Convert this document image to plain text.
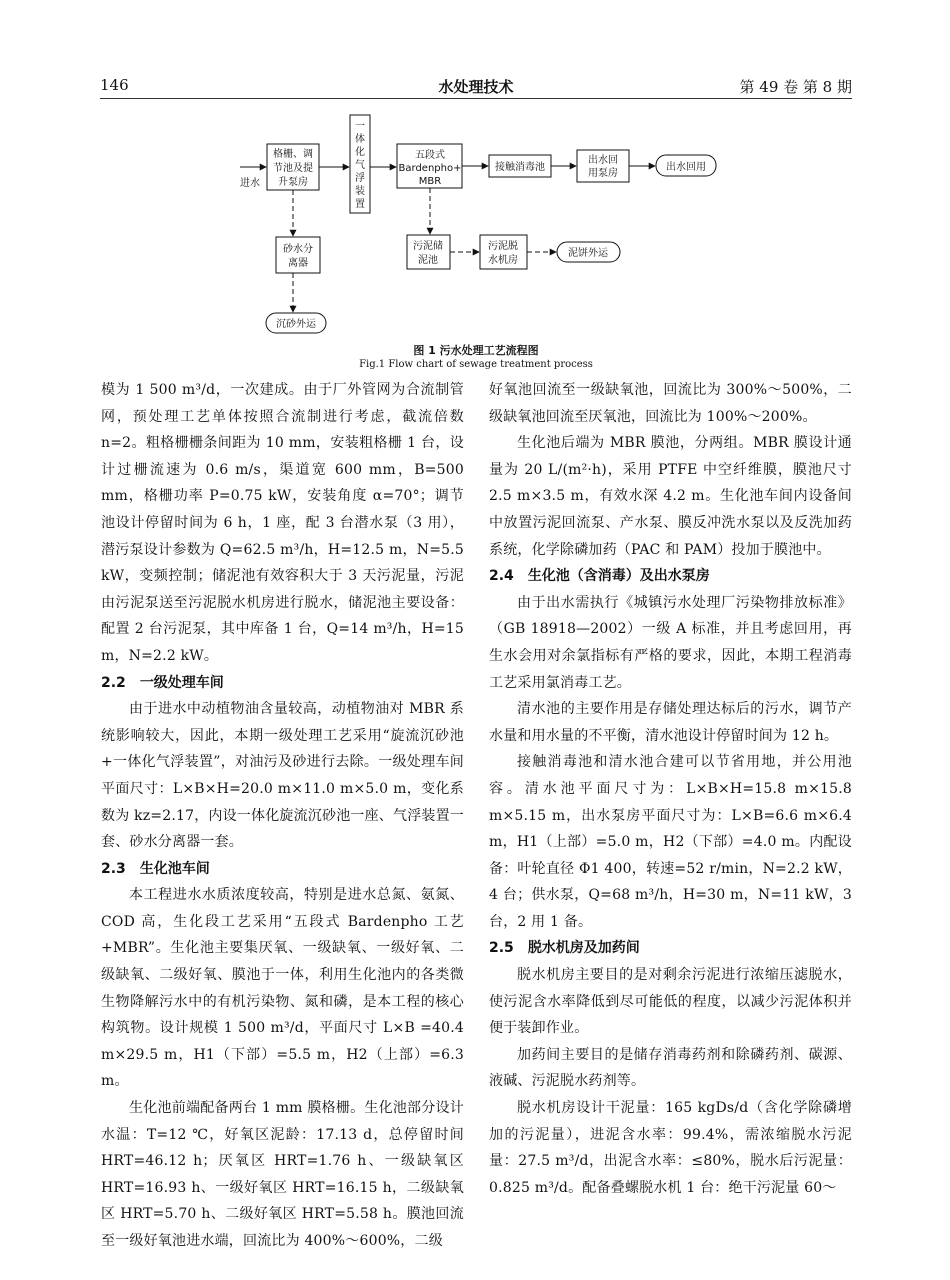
146	水处理技术	第 49 卷 第 8 期
进水
格栅、调
节池及提
升泵房
一
体
化
气
浮
装
置
五段式
Bardenpho+
MBR
接触消毒池
出水回
用泵房
出水回用
砂水分
离器
沉砂外运
污泥储
泥池
污泥脱
水机房
泥饼外运
图 1 污水处理工艺流程图
Fig.1 Flow chart of sewage treatment process

模为 1 500 m³/d，一次建成。由于厂外管网为合流制管网，预处理工艺单体按照合流制进行考虑，截流倍数n=2。粗格栅栅条间距为 10 mm，安装粗格栅 1 台，设计过栅流速为 0.6 m/s，渠道宽 600 mm，B=500 mm，格栅功率 P=0.75 kW，安装角度 α=70°；调节池设计停留时间为 6 h，1 座，配 3 台潜水泵（3 用），潜污泵设计参数为 Q=62.5 m³/h，H=12.5 m，N=5.5 kW，变频控制；储泥池有效容积大于 3 天污泥量，污泥由污泥泵送至污泥脱水机房进行脱水，储泥池主要设备：配置 2 台污泥泵，其中库备 1 台，Q=14 m³/h，H=15 m，N=2.2 kW。

2.2 一级处理车间

由于进水中动植物油含量较高，动植物油对 MBR 系统影响较大，因此，本期一级处理工艺采用“旋流沉砂池+一体化气浮装置”，对油污及砂进行去除。一级处理车间平面尺寸：L×B×H=20.0 m×11.0 m×5.0 m，变化系数为 kz=2.17，内设一体化旋流沉砂池一座、气浮装置一套、砂水分离器一套。

2.3 生化池车间

本工程进水水质浓度较高，特别是进水总氮、氨氮、COD 高，生化段工艺采用“五段式 Bardenpho 工艺+MBR”。生化池主要集厌氧、一级缺氧、一级好氧、二级缺氧、二级好氧、膜池于一体，利用生化池内的各类微生物降解污水中的有机污染物、氮和磷，是本工程的核心构筑物。设计规模 1 500 m³/d，平面尺寸 L×B =40.4 m×29.5 m，H1（下部）=5.5 m，H2（上部）=6.3 m。

生化池前端配备两台 1 mm 膜格栅。生化池部分设计水温：T=12 ℃，好氧区泥龄：17.13 d，总停留时间 HRT=46.12 h；厌氧区 HRT=1.76 h、一级缺氧区 HRT=16.93 h、一级好氧区 HRT=16.15 h，二级缺氧区 HRT=5.70 h、二级好氧区 HRT=5.58 h。膜池回流至一级好氧池进水端，回流比为 400%～600%，二级

好氧池回流至一级缺氧池，回流比为 300%～500%，二级缺氧池回流至厌氧池，回流比为 100%～200%。

生化池后端为 MBR 膜池，分两组。MBR 膜设计通量为 20 L/(m²·h)，采用 PTFE 中空纤维膜，膜池尺寸 2.5 m×3.5 m，有效水深 4.2 m。生化池车间内设备间中放置污泥回流泵、产水泵、膜反冲洗水泵以及反洗加药系统，化学除磷加药（PAC 和 PAM）投加于膜池中。

2.4 生化池（含消毒）及出水泵房

由于出水需执行《城镇污水处理厂污染物排放标准》（GB 18918—2002）一级 A 标准，并且考虑回用，再生水会用对余氯指标有严格的要求，因此，本期工程消毒工艺采用氯消毒工艺。

清水池的主要作用是存储处理达标后的污水，调节产水量和用水量的不平衡，清水池设计停留时间为 12 h。

接触消毒池和清水池合建可以节省用地，并公用池容。清水池平面尺寸为：L×B×H=15.8 m×15.8 m×5.15 m，出水泵房平面尺寸为：L×B=6.6 m×6.4 m，H1（上部）=5.0 m，H2（下部）=4.0 m。内配设备：叶轮直径 Φ1 400，转速=52 r/min，N=2.2 kW，4 台；供水泵，Q=68 m³/h，H=30 m，N=11 kW，3 台，2 用 1 备。

2.5 脱水机房及加药间

脱水机房主要目的是对剩余污泥进行浓缩压滤脱水，使污泥含水率降低到尽可能低的程度，以减少污泥体积并便于装卸作业。

加药间主要目的是储存消毒药剂和除磷药剂、碳源、液碱、污泥脱水药剂等。

脱水机房设计干泥量：165 kgDs/d（含化学除磷增加的污泥量），进泥含水率：99.4%，需浓缩脱水污泥量：27.5 m³/d，出泥含水率：≤80%，脱水后污泥量：0.825 m³/d。配备叠螺脱水机 1 台：绝干污泥量 60～
